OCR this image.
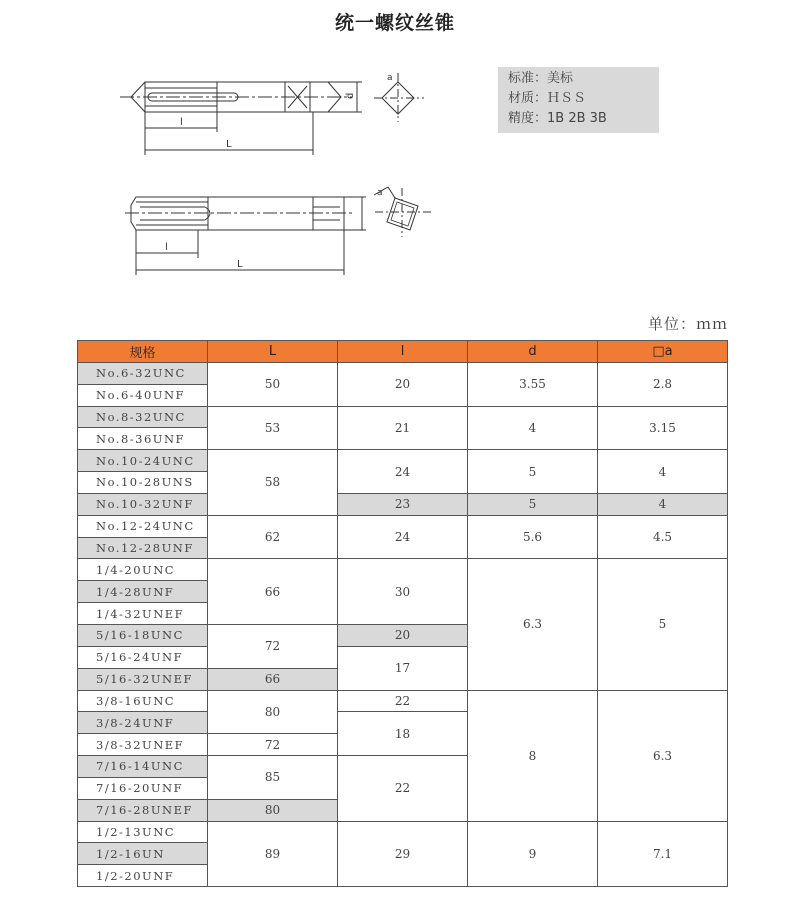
统一螺纹丝锥
d
l
L
a
l
L
a
标准：美标
材质：ＨＳＳ
精度：1B 2B 3B
单位：ｍｍ
规格	L	l	d	□a
No.6-32UNC	50	20	3.55	2.8
No.6-40UNF				
No.8-32UNC	53	21	4	3.15
No.8-36UNF				
No.10-24UNC	58	24	5	4
No.10-28UNS				
No.10-32UNF		23	5	4
No.12-24UNC	62	24	5.6	4.5
No.12-28UNF				
1/4-20UNC	66	30	6.3	5
1/4-28UNF				
1/4-32UNEF				
5/16-18UNC	72	20		
5/16-24UNF		17		
5/16-32UNEF	66			
3/8-16UNC	80	22	8	6.3
3/8-24UNF		18		
3/8-32UNEF	72			
7/16-14UNC	85	22		
7/16-20UNF				
7/16-28UNEF	80			
1/2-13UNC	89	29	9	7.1
1/2-16UN				
1/2-20UNF				
